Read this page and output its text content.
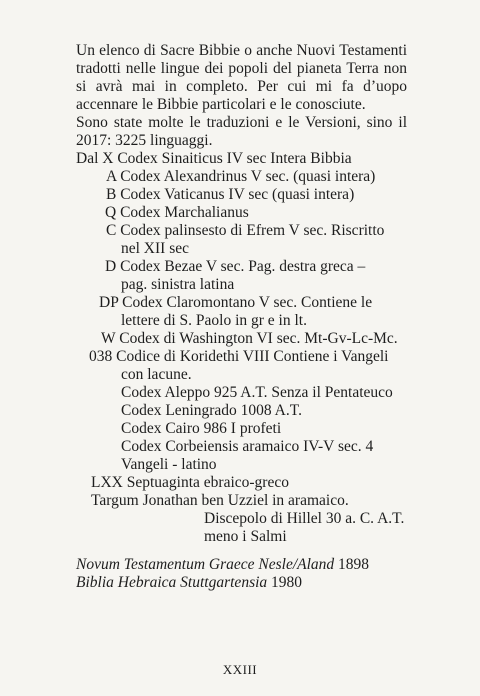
Un elenco di Sacre Bibbie o anche Nuovi Testamenti
tradotti nelle lingue dei popoli del pianeta Terra non
si avrà mai in completo. Per cui mi fa d’uopo
accennare le Bibbie particolari e le conosciute.
Sono state molte le traduzioni e le Versioni, sino il
2017: 3225 linguaggi.
Dal X Codex Sinaiticus IV sec Intera Bibbia
A Codex Alexandrinus V sec. (quasi intera)
B Codex Vaticanus IV sec (quasi intera)
Q Codex Marchalianus
C Codex palinsesto di Efrem V sec. Riscritto
nel XII sec
D Codex Bezae V sec. Pag. destra greca –
pag. sinistra latina
DP Codex Claromontano V sec. Contiene le
lettere di S. Paolo in gr e in lt.
W Codex di Washington VI sec. Mt-Gv-Lc-Mc.
038 Codice di Koridethi VIII Contiene i Vangeli
con lacune.
Codex Aleppo 925 A.T. Senza il Pentateuco
Codex Leningrado 1008 A.T.
Codex Cairo 986 I profeti
Codex Corbeiensis aramaico IV-V sec. 4
Vangeli - latino
LXX Septuaginta ebraico-greco
Targum Jonathan ben Uzziel in aramaico.
Discepolo di Hillel 30 a. C. A.T.
meno i Salmi
Novum Testamentum Graece Nesle/Aland 1898
Biblia Hebraica Stuttgartensia 1980
XXIII
